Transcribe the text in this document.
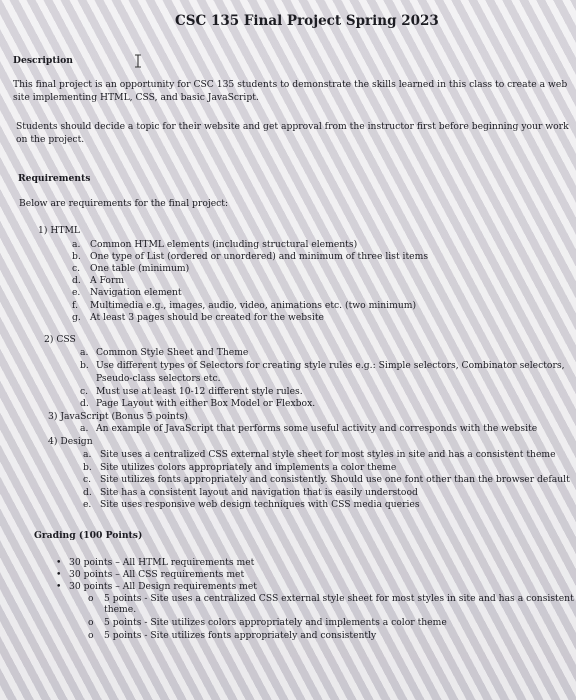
CSC 135 Final Project Spring 2023
Description
This final project is an opportunity for CSC 135 students to demonstrate the skills learned in this class to create a web
site implementing HTML, CSS, and basic JavaScript.
Students should decide a topic for their website and get approval from the instructor first before beginning your work
on the project.
Requirements
Below are requirements for the final project:
1) HTML
a. Common HTML elements (including structural elements)
b. One type of List (ordered or unordered) and minimum of three list items
c. One table (minimum)
d. A Form
e. Navigation element
f. Multimedia e.g., images, audio, video, animations etc. (two minimum)
g. At least 3 pages should be created for the website
2) CSS
a. Common Style Sheet and Theme
b. Use different types of Selectors for creating style rules e.g.: Simple selectors, Combinator selectors,
Pseudo-class selectors etc.
c. Must use at least 10-12 different style rules.
d. Page Layout with either Box Model or Flexbox.
3) JavaScript (Bonus 5 points)
a. An example of JavaScript that performs some useful activity and corresponds with the website
4) Design
a. Site uses a centralized CSS external style sheet for most styles in site and has a consistent theme
b. Site utilizes colors appropriately and implements a color theme
c. Site utilizes fonts appropriately and consistently. Should use one font other than the browser default
d. Site has a consistent layout and navigation that is easily understood
e. Site uses responsive web design techniques with CSS media queries
Grading (100 Points)
• 30 points – All HTML requirements met
• 30 points – All CSS requirements met
• 30 points – All Design requirements met
o 5 points - Site uses a centralized CSS external style sheet for most styles in site and has a consistent
theme.
o 5 points - Site utilizes colors appropriately and implements a color theme
o 5 points - Site utilizes fonts appropriately and consistently
